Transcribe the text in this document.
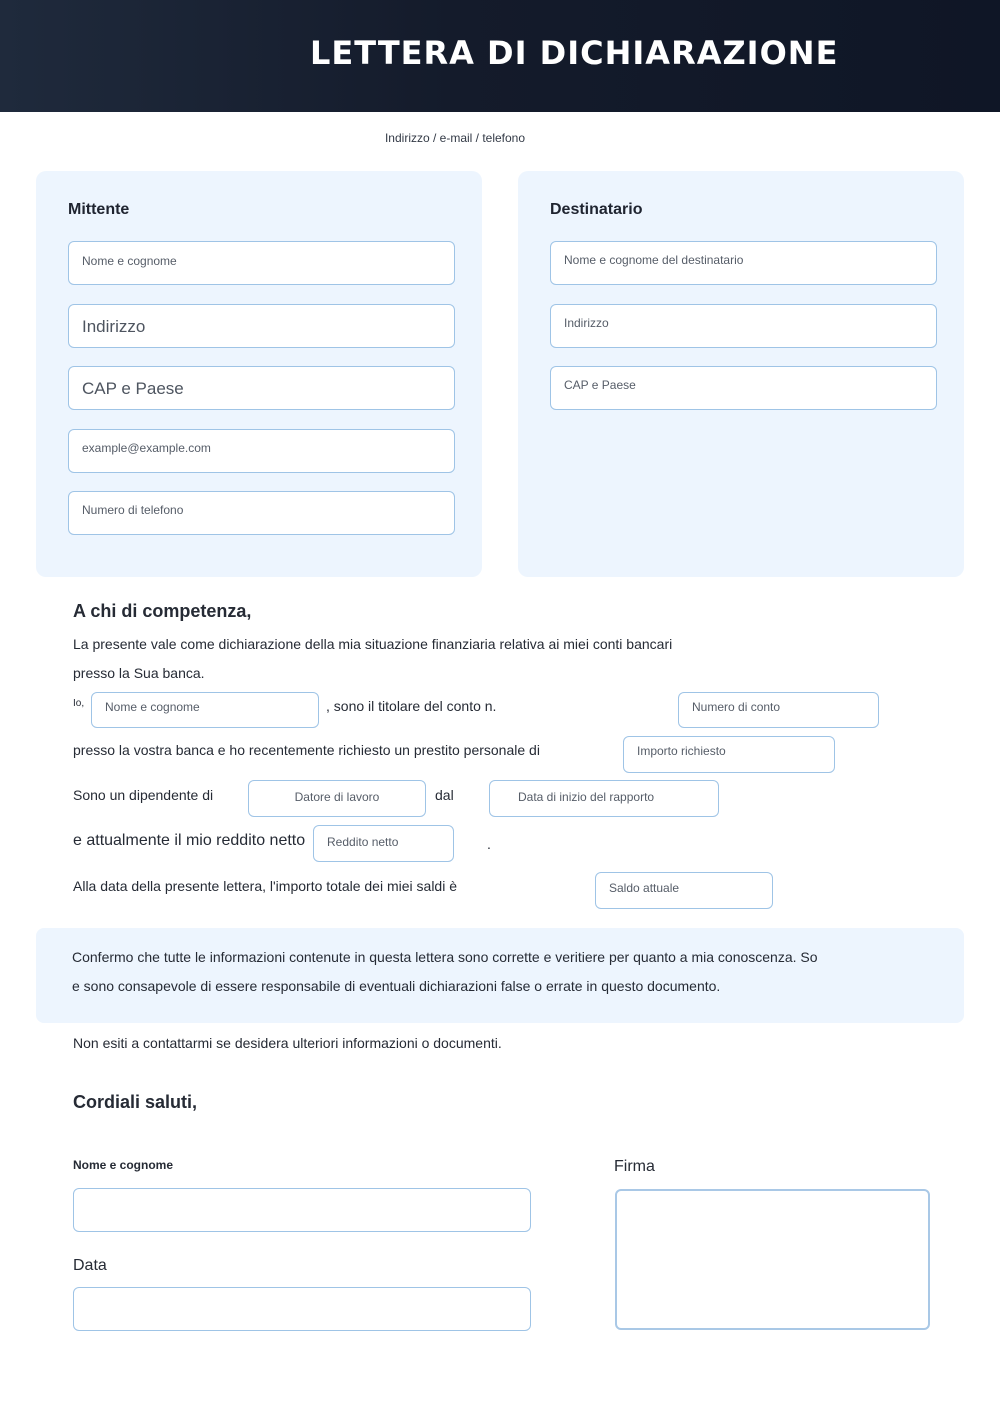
LETTERA DI DICHIARAZIONE
Indirizzo / e-mail / telefono
Mittente
Nome e cognome
Indirizzo
CAP e Paese
example@example.com
Numero di telefono
Destinatario
Nome e cognome del destinatario
Indirizzo
CAP e Paese
A chi di competenza,
La presente vale come dichiarazione della mia situazione finanziaria relativa ai miei conti bancari
presso la Sua banca.
Io, Nome e cognome	, sono il titolare del conto n.	Numero di conto
presso la vostra banca e ho recentemente richiesto un prestito personale di	Importo richiesto
Sono un dipendente di	Datore di lavoro	dal	Data di inizio del rapporto
e attualmente il mio reddito netto Reddito netto	.
Alla data della presente lettera, l'importo totale dei miei saldi è	Saldo attuale
Confermo che tutte le informazioni contenute in questa lettera sono corrette e veritiere per quanto a mia conoscenza. So
e sono consapevole di essere responsabile di eventuali dichiarazioni false o errate in questo documento.
Non esiti a contattarmi se desidera ulteriori informazioni o documenti.
Cordiali saluti,
Nome e cognome
Data
Firma
